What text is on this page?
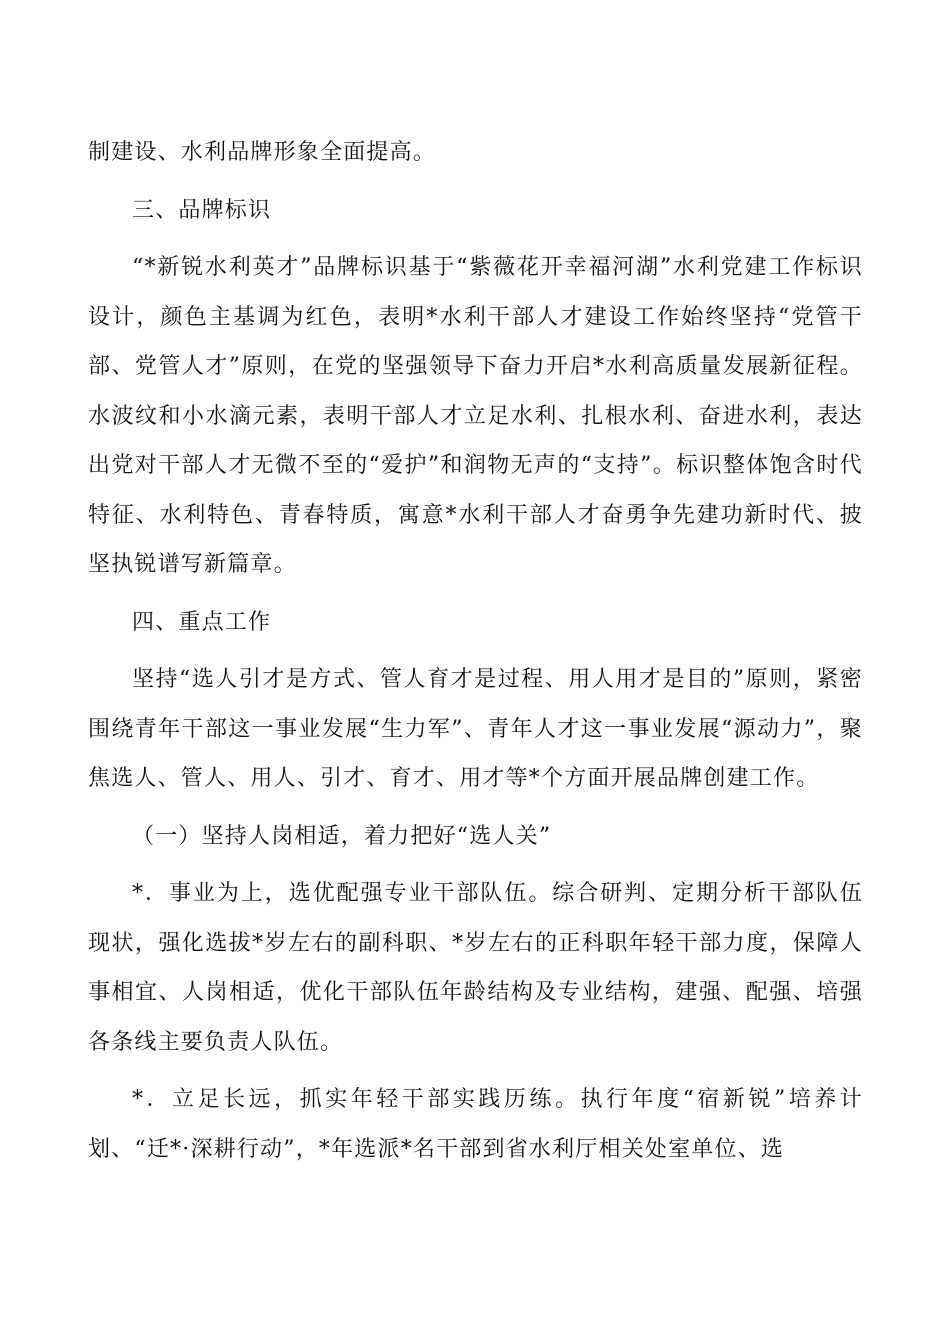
制建设、水利品牌形象全面提高。

三、品牌标识

“*新锐水利英才”品牌标识基于“紫薇花开幸福河湖”水利党建工作标识设计，颜色主基调为红色，表明*水利干部人才建设工作始终坚持“党管干部、党管人才”原则，在党的坚强领导下奋力开启*水利高质量发展新征程。水波纹和小水滴元素，表明干部人才立足水利、扎根水利、奋进水利，表达出党对干部人才无微不至的“爱护”和润物无声的“支持”。标识整体饱含时代特征、水利特色、青春特质，寓意*水利干部人才奋勇争先建功新时代、披坚执锐谱写新篇章。

四、重点工作

坚持“选人引才是方式、管人育才是过程、用人用才是目的”原则，紧密围绕青年干部这一事业发展“生力军”、青年人才这一事业发展“源动力”，聚焦选人、管人、用人、引才、育才、用才等*个方面开展品牌创建工作。

（一）坚持人岗相适，着力把好“选人关”

*．事业为上，选优配强专业干部队伍。综合研判、定期分析干部队伍现状，强化选拔*岁左右的副科职、*岁左右的正科职年轻干部力度，保障人事相宜、人岗相适，优化干部队伍年龄结构及专业结构，建强、配强、培强各条线主要负责人队伍。

*．立足长远，抓实年轻干部实践历练。执行年度“宿新锐”培养计划、“迁*·深耕行动”，*年选派*名干部到省水利厅相关处室单位、选
